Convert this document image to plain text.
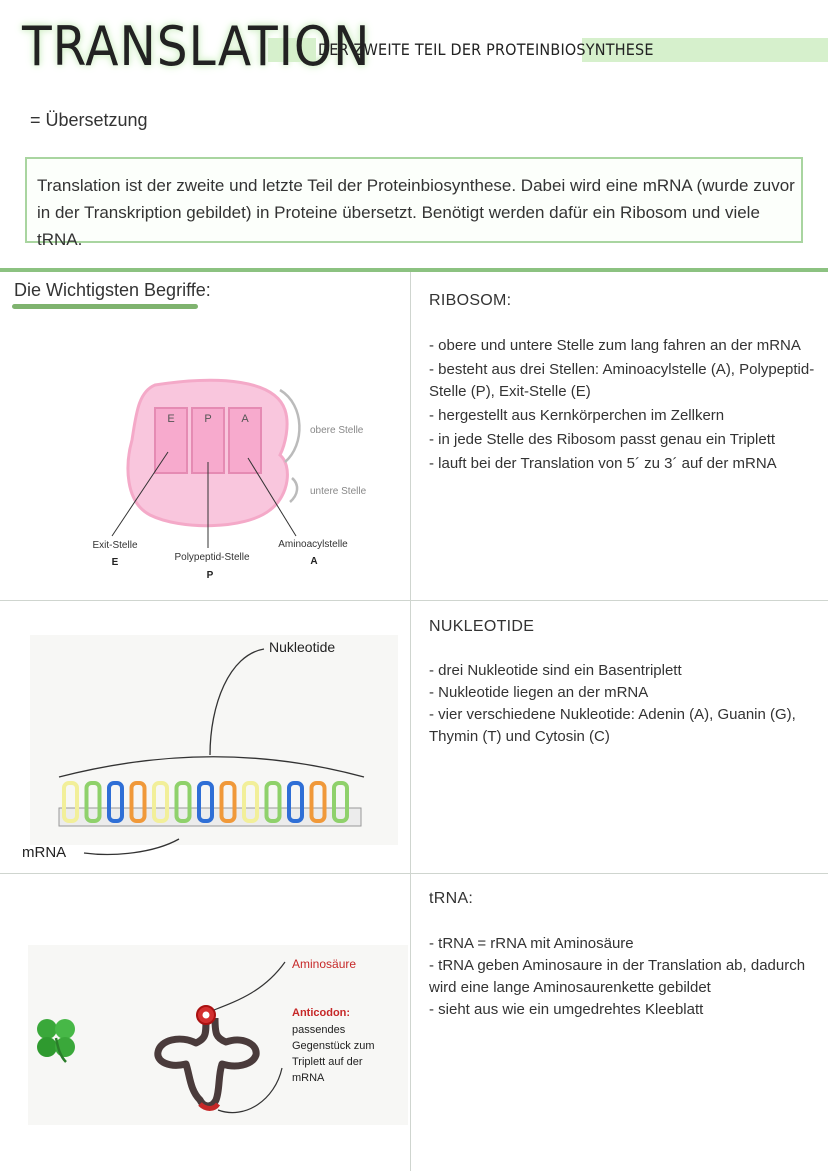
TRANSLATION
DER ZWEITE TEIL DER PROTEINBIOSYNTHESE
= Übersetzung
Translation ist der zweite und letzte Teil der Proteinbiosynthese. Dabei wird eine mRNA (wurde zuvor in der Transkription gebildet) in Proteine übersetzt. Benötigt werden dafür ein Ribosom und viele tRNA.
Die Wichtigsten Begriffe:
E	P	A
obere Stelle
untere Stelle
Exit-Stelle
E	Polypeptid-Stelle
P
Aminoacylstelle
A
RIBOSOM:
- obere und untere Stelle zum lang fahren an der mRNA
- besteht aus drei Stellen: Aminoacylstelle (A), Polypeptid-Stelle (P), Exit-Stelle (E)
- hergestellt aus Kernkörperchen im Zellkern
- in jede Stelle des Ribosom passt genau ein Triplett
- lauft bei der Translation von 5´ zu 3´ auf der mRNA
Nukleotide
mRNA
NUKLEOTIDE
- drei Nukleotide sind ein Basentriplett
- Nukleotide liegen an der mRNA
- vier verschiedene Nukleotide: Adenin (A), Guanin (G), Thymin (T) und Cytosin (C)
Aminosäure
Anticodon:
passendes
Gegenstück zum
Triplett auf der
mRNA
tRNA:
- tRNA = rRNA mit Aminosäure
- tRNA geben Aminosaure in der Translation ab, dadurch wird eine lange Aminosaurenkette gebildet
- sieht aus wie ein umgedrehtes Kleeblatt
